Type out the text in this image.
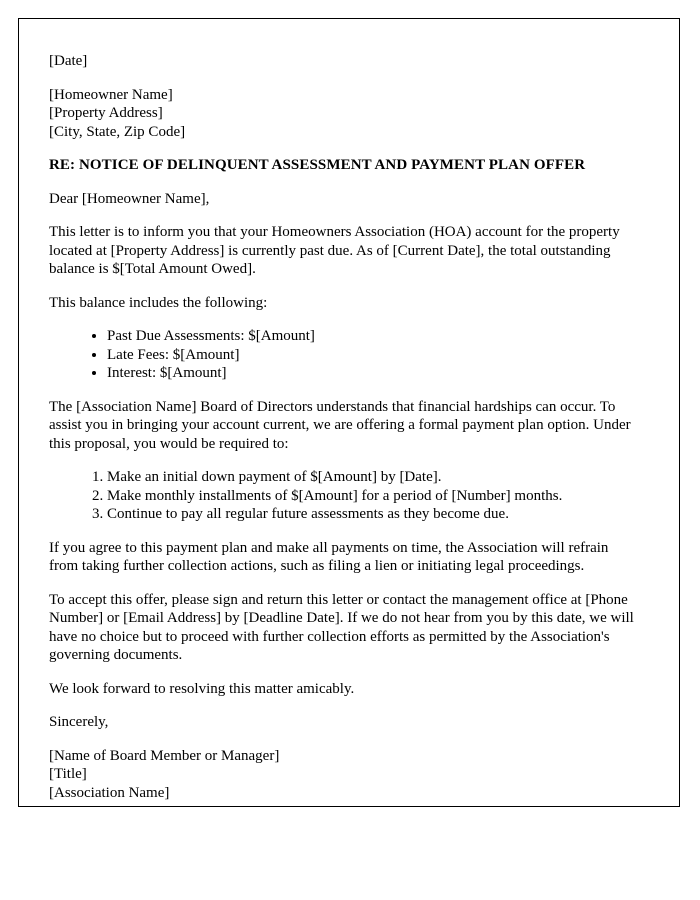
[Date]

[Homeowner Name]

[Property Address]

[City, State, Zip Code]

RE: NOTICE OF DELINQUENT ASSESSMENT AND PAYMENT PLAN OFFER

Dear [Homeowner Name],

This letter is to inform you that your Homeowners Association (HOA) account for the property located at [Property Address] is currently past due. As of [Current Date], the total outstanding balance is $[Total Amount Owed].

This balance includes the following:

• Past Due Assessments: $[Amount]
• Late Fees: $[Amount]
• Interest: $[Amount]

The [Association Name] Board of Directors understands that financial hardships can occur. To assist you in bringing your account current, we are offering a formal payment plan option. Under this proposal, you would be required to:

1. Make an initial down payment of $[Amount] by [Date].
2. Make monthly installments of $[Amount] for a period of [Number] months.
3. Continue to pay all regular future assessments as they become due.

If you agree to this payment plan and make all payments on time, the Association will refrain from taking further collection actions, such as filing a lien or initiating legal proceedings.

To accept this offer, please sign and return this letter or contact the management office at [Phone Number] or [Email Address] by [Deadline Date]. If we do not hear from you by this date, we will have no choice but to proceed with further collection efforts as permitted by the Association's governing documents.

We look forward to resolving this matter amicably.

Sincerely,

[Name of Board Member or Manager]

[Title]

[Association Name]
